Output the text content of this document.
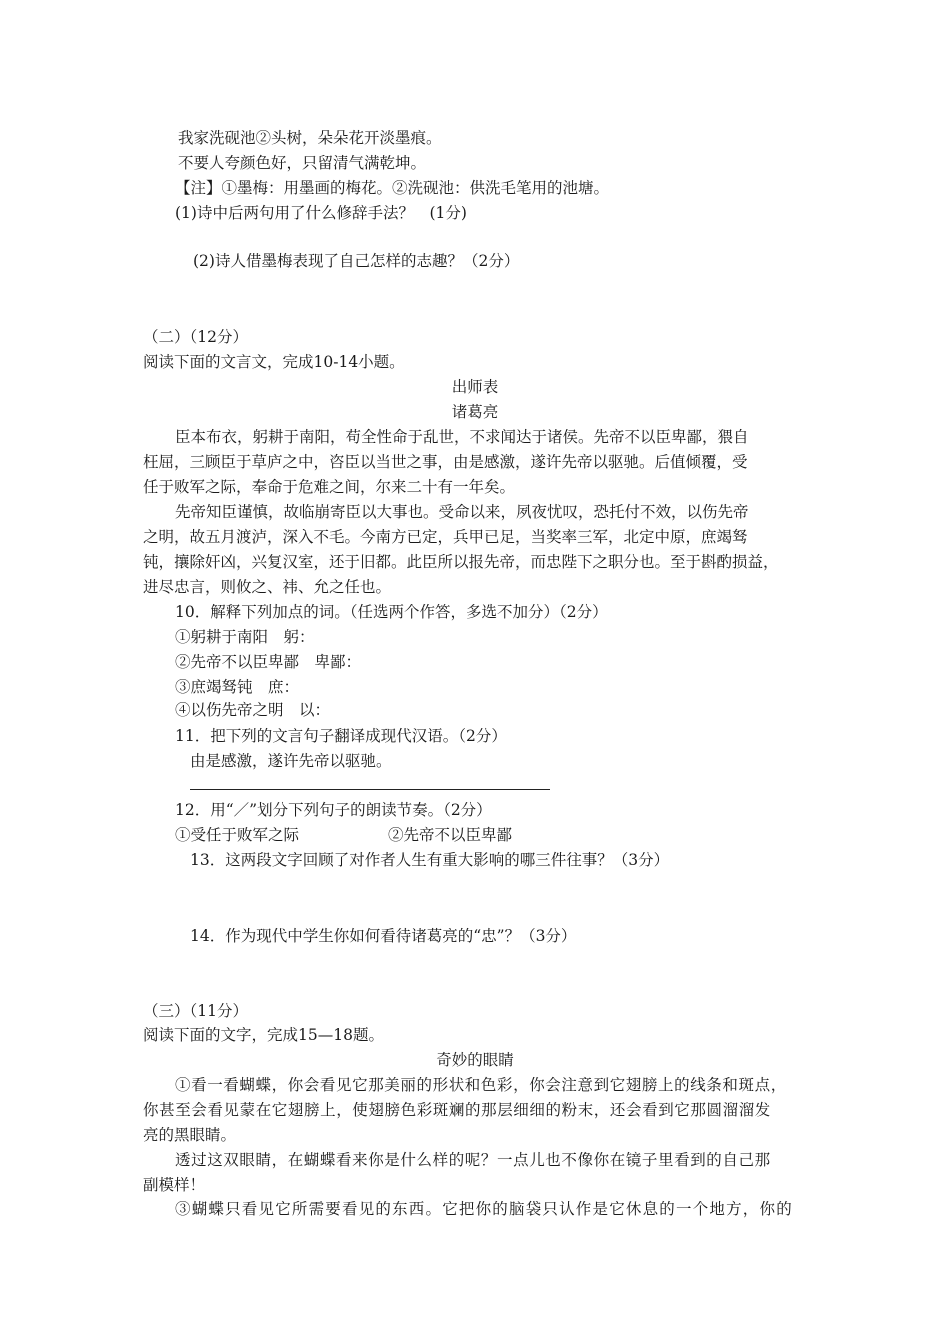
我家洗砚池②头树，朵朵花开淡墨痕。
不要人夸颜色好，只留清气满乾坤。
【注】①墨梅：用墨画的梅花。②洗砚池：供洗毛笔用的池塘。
(1)诗中后两句用了什么修辞手法？　(1分)
(2)诗人借墨梅表现了自己怎样的志趣？（2分）
（二）（12分）
阅读下面的文言文，完成10-14小题。
出师表
诸葛亮
臣本布衣，躬耕于南阳，苟全性命于乱世，不求闻达于诸侯。先帝不以臣卑鄙，猥自
枉屈，三顾臣于草庐之中，咨臣以当世之事，由是感激，遂许先帝以驱驰。后值倾覆，受
任于败军之际，奉命于危难之间，尔来二十有一年矣。
先帝知臣谨慎，故临崩寄臣以大事也。受命以来，夙夜忧叹，恐托付不效，以伤先帝
之明，故五月渡泸，深入不毛。今南方已定，兵甲已足，当奖率三军，北定中原，庶竭驽
钝，攘除奸凶，兴复汉室，还于旧都。此臣所以报先帝，而忠陛下之职分也。至于斟酌损益，
进尽忠言，则攸之、祎、允之任也。
10．解释下列加点的词。（任选两个作答，多选不加分）（2分）
①躬耕于南阳　躬：
②先帝不以臣卑鄙　卑鄙：
③庶竭驽钝　庶：
④以伤先帝之明　以：
11．把下列的文言句子翻译成现代汉语。（2分）
由是感激，遂许先帝以驱驰。
12．用“／”划分下列句子的朗读节奏。（2分）
①受任于败军之际	②先帝不以臣卑鄙
13．这两段文字回顾了对作者人生有重大影响的哪三件往事？（3分）
14．作为现代中学生你如何看待诸葛亮的“忠”？（3分）
（三）（11分）
阅读下面的文字，完成15—18题。
奇妙的眼睛
①看一看蝴蝶，你会看见它那美丽的形状和色彩，你会注意到它翅膀上的线条和斑点，
你甚至会看见蒙在它翅膀上，使翅膀色彩斑斓的那层细细的粉末，还会看到它那圆溜溜发
亮的黑眼睛。
透过这双眼睛，在蝴蝶看来你是什么样的呢？一点儿也不像你在镜子里看到的自己那
副模样！
③蝴蝶只看见它所需要看见的东西。它把你的脑袋只认作是它休息的一个地方，你的
